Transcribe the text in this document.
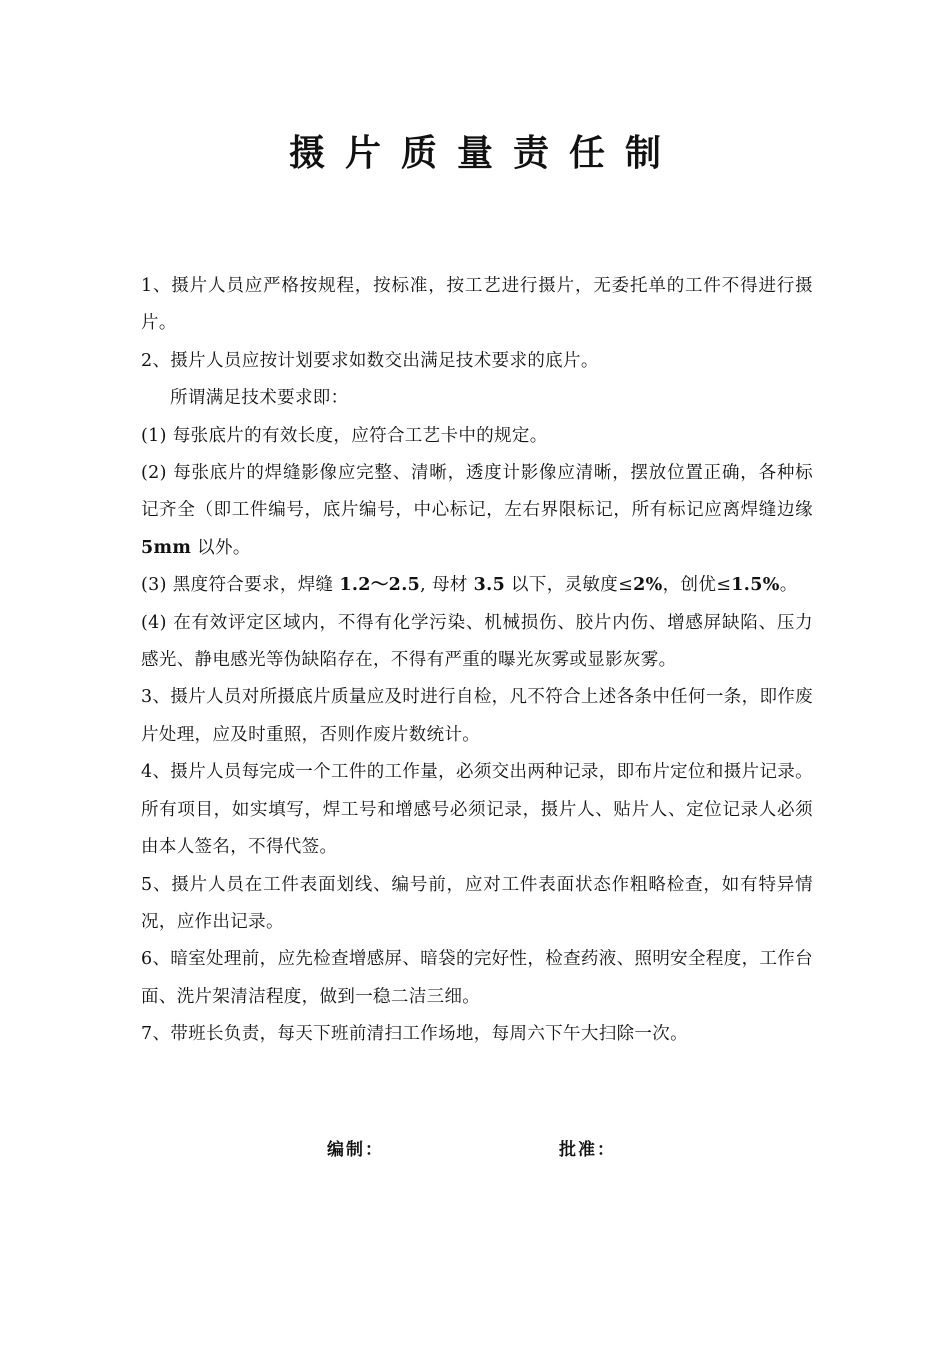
摄片质量责任制

1、摄片人员应严格按规程，按标准，按工艺进行摄片，无委托单的工件不得进行摄片。

2、摄片人员应按计划要求如数交出满足技术要求的底片。

所谓满足技术要求即：

(1) 每张底片的有效长度，应符合工艺卡中的规定。

(2) 每张底片的焊缝影像应完整、清晰，透度计影像应清晰，摆放位置正确，各种标记齐全（即工件编号，底片编号，中心标记，左右界限标记，所有标记应离焊缝边缘 5mm 以外。

(3) 黑度符合要求，焊缝 1.2～2.5, 母材 3.5 以下，灵敏度≤2%，创优≤1.5%。

(4) 在有效评定区域内，不得有化学污染、机械损伤、胶片内伤、增感屏缺陷、压力感光、静电感光等伪缺陷存在，不得有严重的曝光灰雾或显影灰雾。

3、摄片人员对所摄底片质量应及时进行自检，凡不符合上述各条中任何一条，即作废片处理，应及时重照，否则作废片数统计。

4、摄片人员每完成一个工件的工作量，必须交出两种记录，即布片定位和摄片记录。所有项目，如实填写，焊工号和增感号必须记录，摄片人、贴片人、定位记录人必须由本人签名，不得代签。

5、摄片人员在工件表面划线、编号前，应对工件表面状态作粗略检查，如有特异情况，应作出记录。

6、暗室处理前，应先检查增感屏、暗袋的完好性，检查药液、照明安全程度，工作台面、洗片架清洁程度，做到一稳二洁三细。

7、带班长负责，每天下班前清扫工作场地，每周六下午大扫除一次。

编制：	批准：
